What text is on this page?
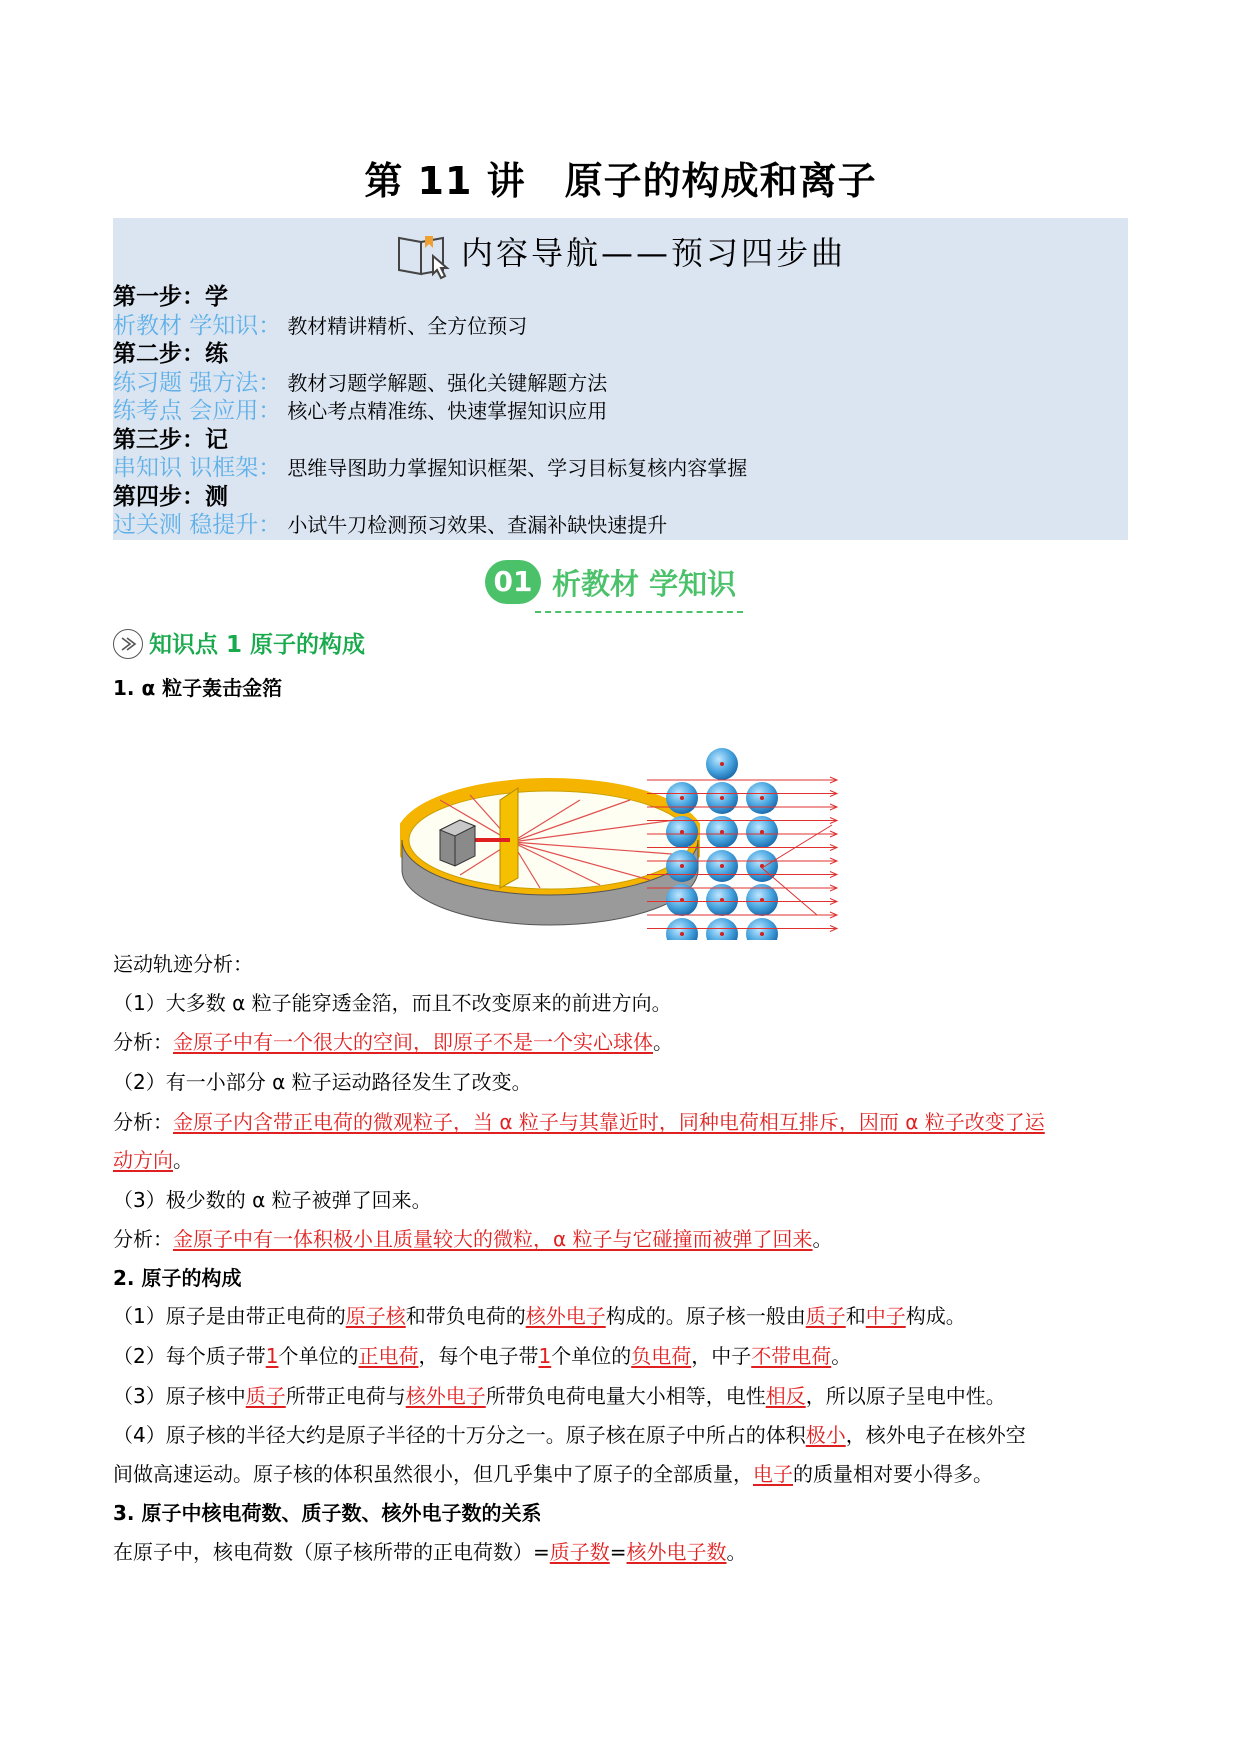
第 11 讲　原子的构成和离子
内容导航——预习四步曲
第一步：学
析教材 学知识： 教材精讲精析、全方位预习
第二步：练
练习题 强方法： 教材习题学解题、强化关键解题方法
练考点 会应用： 核心考点精准练、快速掌握知识应用
第三步：记
串知识 识框架： 思维导图助力掌握知识框架、学习目标复核内容掌握
第四步：测
过关测 稳提升： 小试牛刀检测预习效果、查漏补缺快速提升
01 析教材 学知识
知识点 1 原子的构成
1. α 粒子轰击金箔
运动轨迹分析：
（1）大多数 α 粒子能穿透金箔，而且不改变原来的前进方向。
分析：金原子中有一个很大的空间，即原子不是一个实心球体。
（2）有一小部分 α 粒子运动路径发生了改变。
分析：金原子内含带正电荷的微观粒子，当 α 粒子与其靠近时，同种电荷相互排斥，因而 α 粒子改变了运
动方向。
（3）极少数的 α 粒子被弹了回来。
分析：金原子中有一体积极小且质量较大的微粒，α 粒子与它碰撞而被弹了回来。
2. 原子的构成
（1）原子是由带正电荷的原子核和带负电荷的核外电子构成的。原子核一般由质子和中子构成。
（2）每个质子带1个单位的正电荷，每个电子带1个单位的负电荷，中子不带电荷。
（3）原子核中质子所带正电荷与核外电子所带负电荷电量大小相等，电性相反，所以原子呈电中性。
（4）原子核的半径大约是原子半径的十万分之一。原子核在原子中所占的体积极小，核外电子在核外空
间做高速运动。原子核的体积虽然很小，但几乎集中了原子的全部质量，电子的质量相对要小得多。
3. 原子中核电荷数、质子数、核外电子数的关系
在原子中，核电荷数（原子核所带的正电荷数）=质子数=核外电子数。
